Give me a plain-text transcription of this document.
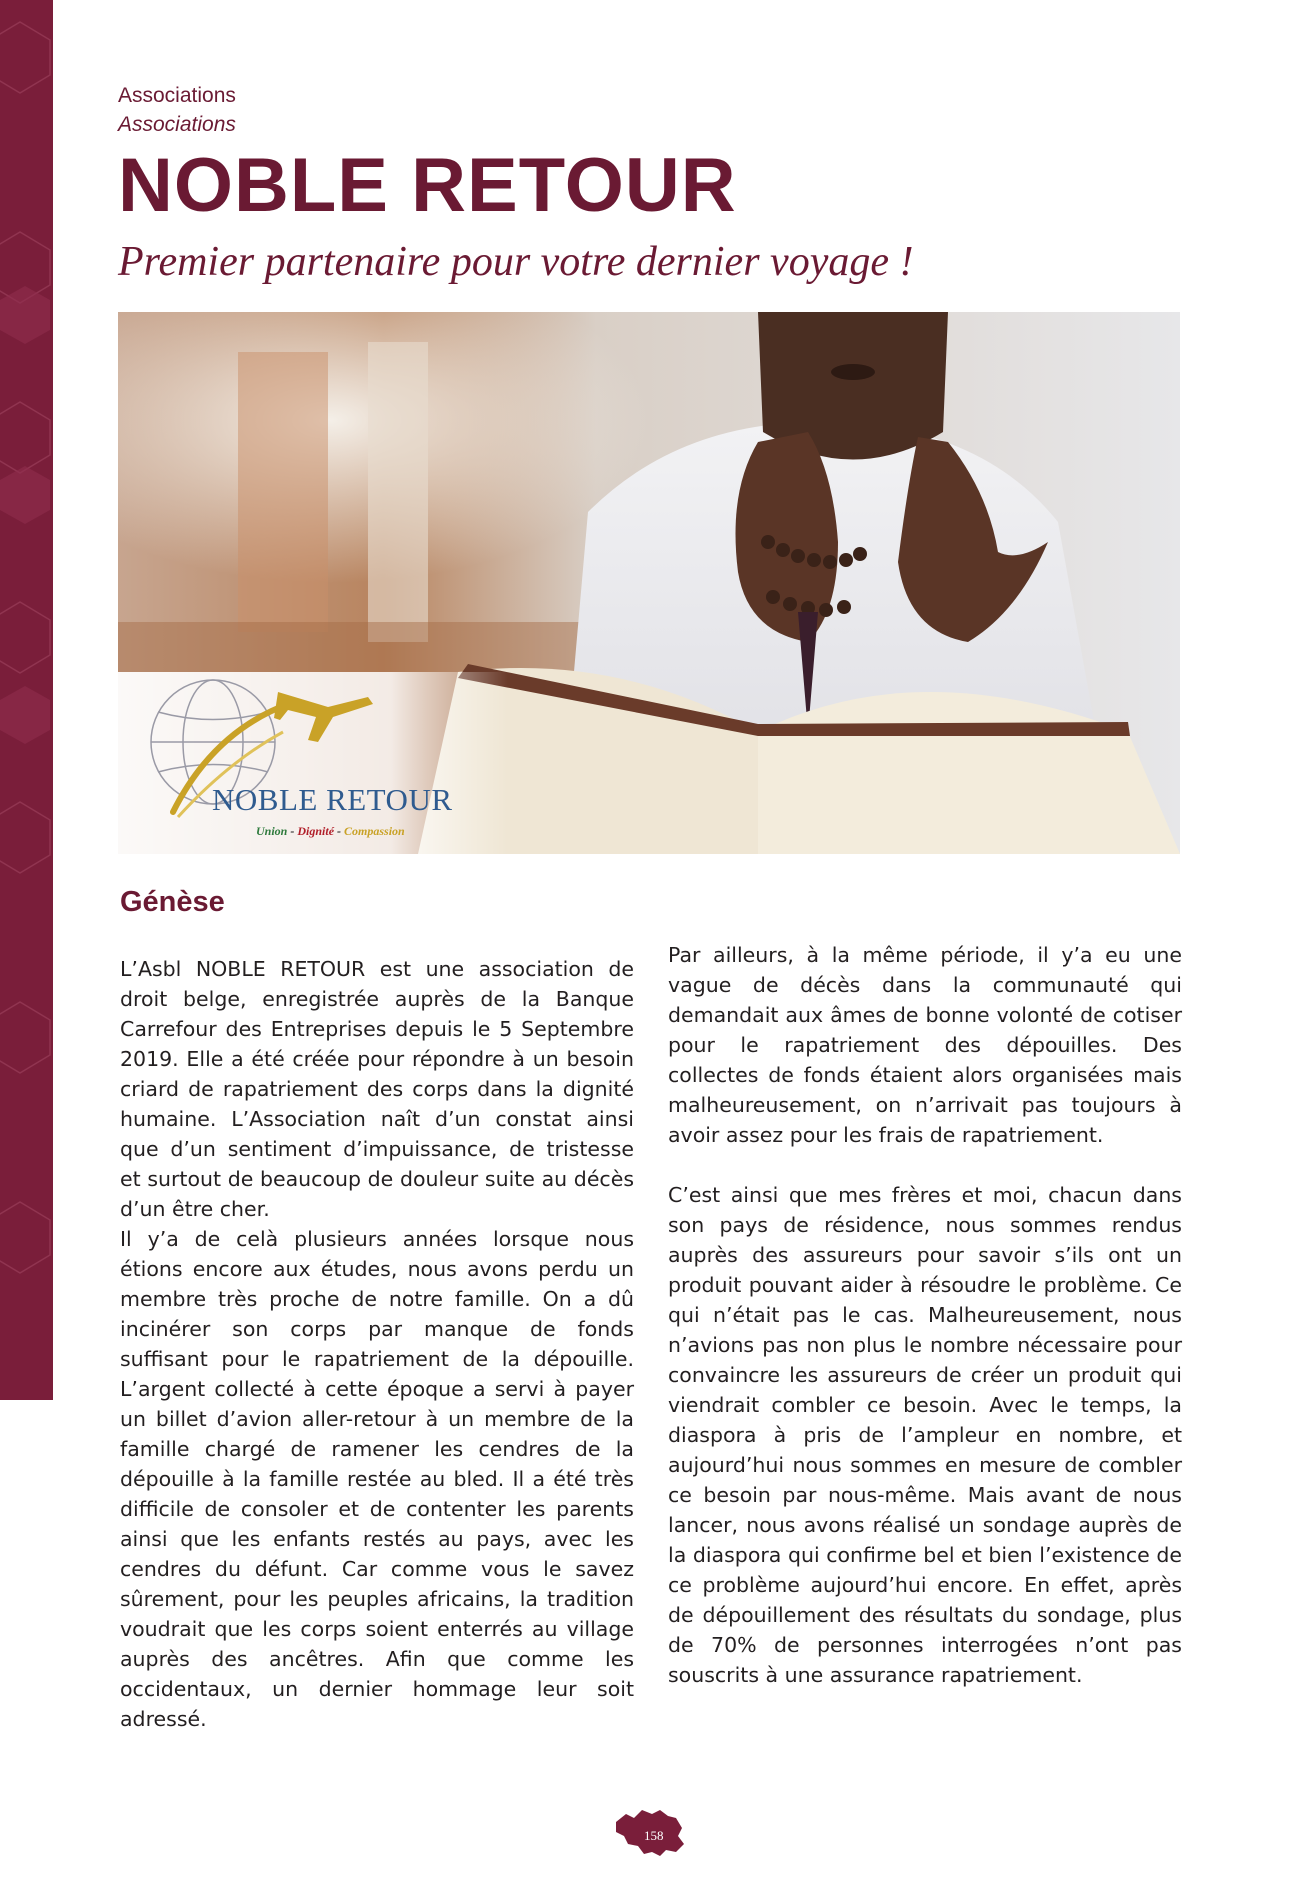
Associations

Associations

NOBLE RETOUR

Premier partenaire pour votre dernier voyage !

NOBLE RETOUR

Union - Dignité - Compassion

Génèse

L’Asbl NOBLE RETOUR est une association de droit belge, enregistrée auprès de la Banque Carrefour des Entreprises depuis le 5 Septembre 2019. Elle a été créée pour répondre à un besoin criard de rapatriement des corps dans la dignité humaine. L’Association naît d’un constat ainsi que d’un sentiment d’impuissance, de tristesse et surtout de beaucoup de douleur suite au décès d’un être cher.

Il y’a de celà plusieurs années lorsque nous étions encore aux études, nous avons perdu un membre très proche de notre famille. On a dû incinérer son corps par manque de fonds suffisant pour le rapatriement de la dépouille. L’argent collecté à cette époque a servi à payer un billet d’avion aller-retour à un membre de la famille chargé de ramener les cendres de la dépouille à la famille restée au bled. Il a été très difficile de consoler et de contenter les parents ainsi que les enfants restés au pays, avec les cendres du défunt. Car comme vous le savez sûrement, pour les peuples africains, la tradition voudrait que les corps soient enterrés au village auprès des ancêtres. Afin que comme les occidentaux, un dernier hommage leur soit adressé.

Par ailleurs, à la même période, il y’a eu une vague de décès dans la communauté qui demandait aux âmes de bonne volonté de cotiser pour le rapatriement des dépouilles. Des collectes de fonds étaient alors organisées mais malheureusement, on n’arrivait pas toujours à avoir assez pour les frais de rapatriement.

C’est ainsi que mes frères et moi, chacun dans son pays de résidence, nous sommes rendus auprès des assureurs pour savoir s’ils ont un produit pouvant aider à résoudre le problème. Ce qui n’était pas le cas. Malheureusement, nous n’avions pas non plus le nombre nécessaire pour convaincre les assureurs de créer un produit qui viendrait combler ce besoin. Avec le temps, la diaspora à pris de l’ampleur en nombre, et aujourd’hui nous sommes en mesure de combler ce besoin par nous-même. Mais avant de nous lancer, nous avons réalisé un sondage auprès de la diaspora qui confirme bel et bien l’existence de ce problème aujourd’hui encore. En effet, après de dépouillement des résultats du sondage, plus de 70% de personnes interrogées n’ont pas souscrits à une assurance rapatriement.

158
